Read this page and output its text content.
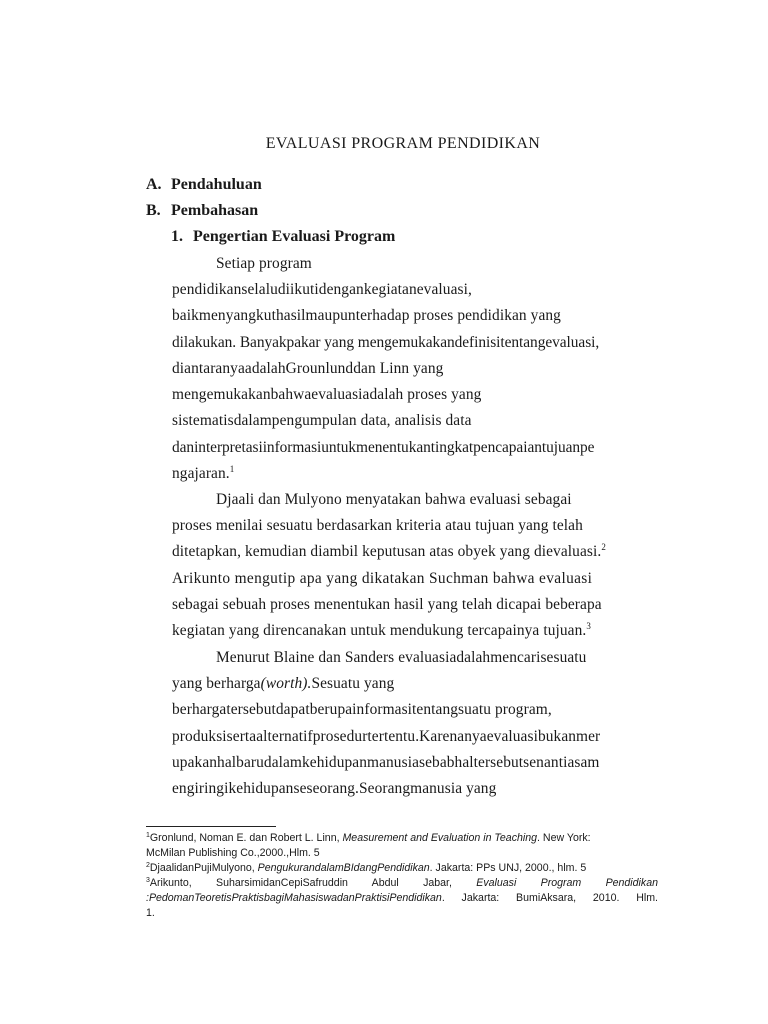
EVALUASI PROGRAM PENDIDIKAN
A. Pendahuluan
B. Pembahasan
1. Pengertian Evaluasi Program
Setiap program
pendidikanselaludiikutidengankegiatanevaluasi,
baikmenyangkuthasilmaupunterhadap proses pendidikan yang
dilakukan. Banyakpakar yang mengemukakandefinisitentangevaluasi,
diantaranyaadalahGrounlunddan Linn yang
mengemukakanbahwaevaluasiadalah proses yang
sistematisdalampengumpulan data, analisis data
daninterpretasiinformasiuntukmenentukantingkatpencapaiantujuanpe
ngajaran.$^1$
Djaali dan Mulyono menyatakan bahwa evaluasi sebagai
proses menilai sesuatu berdasarkan kriteria atau tujuan yang telah
ditetapkan, kemudian diambil keputusan atas obyek yang dievaluasi.$^2$
Arikunto mengutip apa yang dikatakan Suchman bahwa evaluasi
sebagai sebuah proses menentukan hasil yang telah dicapai beberapa
kegiatan yang direncanakan untuk mendukung tercapainya tujuan.$^3$
Menurut Blaine dan Sanders evaluasiadalahmencarisesuatu
yang berharga(worth).Sesuatu yang
berhargatersebutdapatberupainformasitentangsuatu program,
produksisertaalternatifprosedurtertentu.Karenanyaevaluasibukanmer
upakanhalbarudalamkehidupanmanusiasebabhaltersebutsenantiasam
engiringikehidupanseseorang.Seorangmanusia yang
$^1$Gronlund, Noman E. dan Robert L. Linn, Measurement and Evaluation in Teaching. New York:
McMilan Publishing Co.,2000.,Hlm. 5
$^2$DjaalidanPujiMulyono, PengukurandalamBIdangPendidikan. Jakarta: PPs UNJ, 2000., hlm. 5
$^3$Arikunto, SuharsimidanCepiSafruddin Abdul Jabar, Evaluasi Program Pendidikan
:PedomanTeoretisPraktisbagiMahasiswadanPraktisiPendidikan. Jakarta: BumiAksara, 2010. Hlm.
1.
